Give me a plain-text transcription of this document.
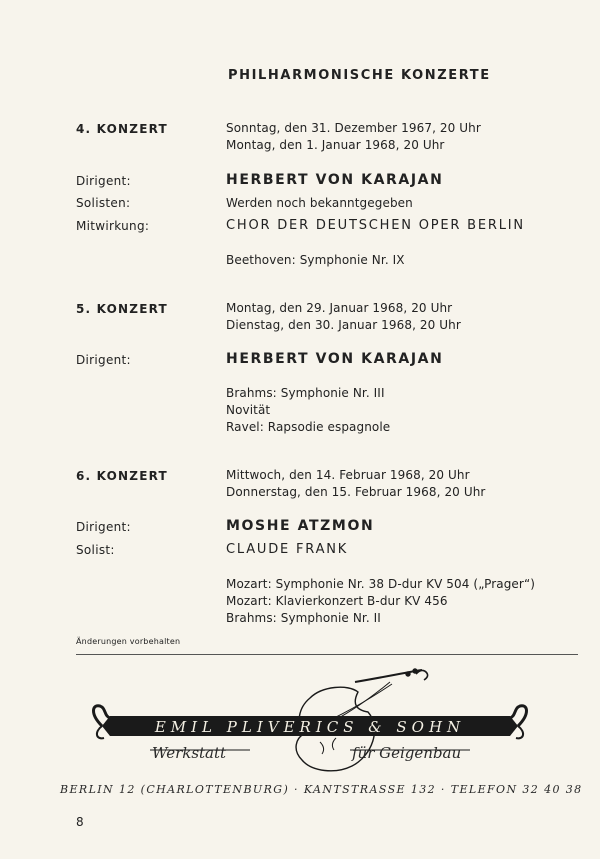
PHILHARMONISCHE KONZERTE
4. KONZERT	Sonntag, den 31. Dezember 1967, 20 Uhr
Montag, den 1. Januar 1968, 20 Uhr
Dirigent:	HERBERT VON KARAJAN
Solisten:	Werden noch bekanntgegeben
Mitwirkung:	CHOR DER DEUTSCHEN OPER BERLIN
Beethoven: Symphonie Nr. IX
5. KONZERT	Montag, den 29. Januar 1968, 20 Uhr
Dienstag, den 30. Januar 1968, 20 Uhr
Dirigent:	HERBERT VON KARAJAN
Brahms: Symphonie Nr. III
Novität
Ravel: Rapsodie espagnole
6. KONZERT	Mittwoch, den 14. Februar 1968, 20 Uhr
Donnerstag, den 15. Februar 1968, 20 Uhr
Dirigent:	MOSHE ATZMON
Solist:	CLAUDE FRANK
Mozart: Symphonie Nr. 38 D-dur KV 504 („Prager“)
Mozart: Klavierkonzert B-dur KV 456
Brahms: Symphonie Nr. II
Änderungen vorbehalten
EMIL PLIVERICS & SOHN
Werkstatt	für Geigenbau
BERLIN 12 (CHARLOTTENBURG) · KANTSTRASSE 132 · TELEFON 32 40 38
8
